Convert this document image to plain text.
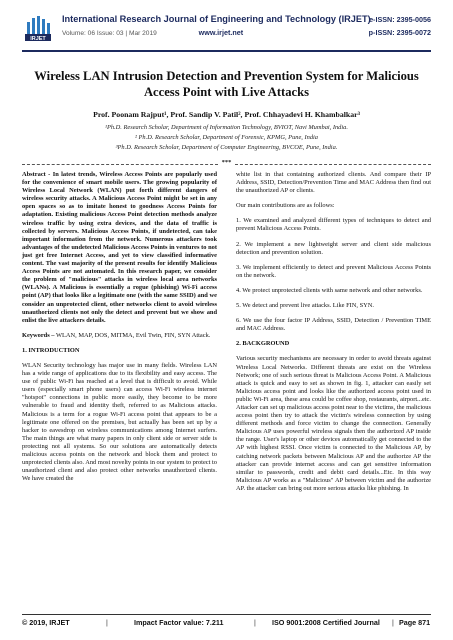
IRJET
International Research Journal of Engineering and Technology (IRJET)
Volume: 06 Issue: 03 | Mar 2019	www.irjet.net
e-ISSN: 2395-0056
p-ISSN: 2395-0072
Wireless LAN Intrusion Detection and Prevention System for Malicious
Access Point with Live Attacks
Prof. Poonam Rajput¹, Prof. Sandip V. Patil², Prof. Chhayadevi H. Khambalkar³
¹Ph.D. Research Scholar, Department of Information Technology, BVIOT, Navi Mumbai, India.
² Ph.D. Research Scholar, Department of Forensic, KPMG, Pune, India
³Ph.D. Research Scholar, Department of Computer Engineering, BVCOE, Pune, India.
***

Abstract - In latest trends, Wireless Access Points are popularly used for the convenience of smart mobile users. The growing popularity of Wireless Local Network (WLAN) put forth different dangers of wireless security attacks. A Malicious Access Point might be set in any open spaces so as to imitate honest to goodness Access Points for adaptation. Existing malicious Access Point detection methods analyze wireless traffic by using extra devices, and the data of traffic is collected by servers. Malicious Access Points, if undetected, can take important information from the network. Numerous attackers took advantages of the undetected Malicious Access Points in ventures to not just get free Internet Access, and yet to view classified informative content. The vast majority of the present results for identify Malicious Access Points are not automated. In this research paper, we consider the problem of "malicious" attacks in wireless local area networks (WLANs). A Malicious is essentially a rogue (phishing) Wi-Fi access point (AP) that looks like a legitimate one (with the same SSID) and we consider an unprotected client, other networks client to avoid wireless unauthorized clients not only the detect and prevent but we show and enlist the live attackers details.

Keywords – WLAN, MAP, DOS, MITMA, Evil Twin, FIN, SYN Attack.

1. INTRODUCTION

WLAN Security technology has major use in many fields. Wireless LAN has a wide range of applications due to its flexibility and easy access. The use of public Wi-Fi has reached at a level that is difficult to avoid. While users (especially smart phone users) can access Wi-Fi wireless internet "hotspot" connections in public more easily, they become to be more vulnerable to fraud and identity theft, referred to as Malicious attacks. Malicious is a term for a rogue Wi-Fi access point that appears to be a legitimate one offered on the premises, but actually has been set up by a hacker to eavesdrop on wireless communications among Internet surfers. The main things are what many papers in only client side or server side is protecting not all systems. So our solutions are automatically detects malicious access points on the network and block them and protect to unprotected clients also. And most novelty points in our system to protect to unauthorized client and also protect other networks unauthorized clients. We have created the

white list in that containing authorized clients. And compare their IP Address, SSID, Detection/Prevention Time and MAC Address then find out the unauthorized AP or clients.

Our main contributions are as follows:

1. We examined and analyzed different types of techniques to detect and prevent Malicious Access Points.

2. We implement a new lightweight server and client side malicious detection and prevention solution.

3. We implement efficiently to detect and prevent Malicious Access Points on the network.

4. We protect unprotected clients with same network and other networks.

5. We detect and prevent live attacks. Like FIN, SYN.

6. We use the four factor IP Address, SSID, Detection / Prevention TIME and MAC Address.

2. BACKGROUND

Various security mechanisms are necessary in order to avoid threats against Wireless Local Networks. Different threats are exist on the Wireless Network; one of such serious threat is Malicious Access Point. A Malicious attack is quick and easy to set as shown in fig. 1, attacker can easily set Malicious access point and looks like the authorized access point used in public Wi-Fi area, these area could be coffee shop, restaurants, airport...etc. Attacker can set up malicious access point near to the victims, the malicious access point then try to attack the victim's wireless connection by using different methods and force victim to change the connection. Generally Malicious AP uses powerful wireless signals then the authorized AP inside the range. User's laptop or other devices automatically get connected to the AP with highest RSSI. Once victim is connected to the Malicious AP, by catching network packets between Malicious AP and the authorize AP the attacker can provide internet access and can get sensitive information similar to passwords, credit and debit card details...Etc. In this way Malicious AP works as a "Malicious" AP between victim and the authorize AP. the attacker can bring out more serious attacks like phishing. In

© 2019, IRJET	|	Impact Factor value: 7.211	| ISO 9001:2008 Certified Journal | Page 871
